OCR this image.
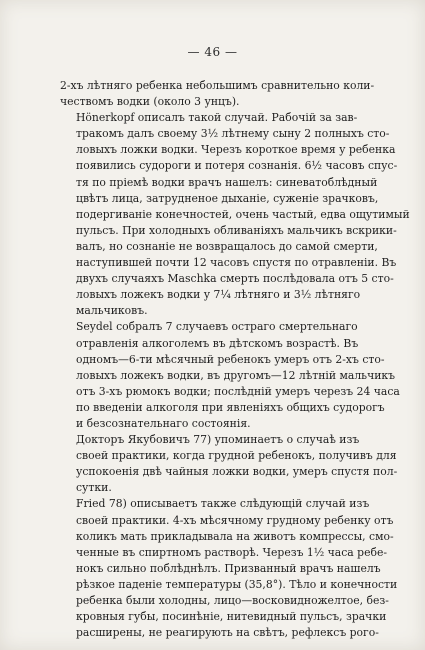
— 46 —

2-хъ лѣтняго ребенка небольшимъ сравнительно коли-
чествомъ водки (около 3 унцъ).

Hönerkopf описалъ такой случай. Рабочій за зав-
тракомъ далъ своему 3½ лѣтнему сыну 2 полныхъ сто-
ловыхъ ложки водки. Черезъ короткое время у ребенка
появились судороги и потеря сознанія. 6½ часовъ спус-
тя по пріемѣ водки врачъ нашелъ: синеватоблѣдный
цвѣтъ лица, затрудненое дыханіе, суженіе зрачковъ,
подергиваніе конечностей, очень частый, едва ощутимый
пульсъ. При холодныхъ обливаніяхъ мальчикъ вскрики-
валъ, но сознаніе не возвращалось до самой смерти,
наступившей почти 12 часовъ спустя по отравленіи. Въ
двухъ случаяхъ Maschka смерть послѣдовала отъ 5 сто-
ловыхъ ложекъ водки у 7¼ лѣтняго и 3½ лѣтняго
мальчиковъ.

Seydel собралъ 7 случаевъ остраго смертельнаго
отравленія алкоголемъ въ дѣтскомъ возрастѣ. Въ
одномъ—6-ти мѣсячный ребенокъ умеръ отъ 2-хъ сто-
ловыхъ ложекъ водки, въ другомъ—12 лѣтній мальчикъ
отъ 3-хъ рюмокъ водки; послѣдній умеръ черезъ 24 часа
по введеніи алкоголя при явленіяхъ общихъ судорогъ
и безсознательнаго состоянія.

Докторъ Якубовичъ 77) упоминаетъ о случаѣ изъ
своей практики, когда грудной ребенокъ, получивъ для
успокоенія двѣ чайныя ложки водки, умеръ спустя пол-
сутки.

Fried 78) описываетъ также слѣдующій случай изъ
своей практики. 4-хъ мѣсячному грудному ребенку отъ
коликъ мать прикладывала на животъ компрессы, смо-
ченные въ спиртномъ растворѣ. Черезъ 1½ часа ребе-
нокъ сильно поблѣднѣлъ. Призванный врачъ нашелъ
рѣзкое паденіе температуры (35,8°). Тѣло и конечности
ребенка были холодны, лицо—восковидножелтое, без-
кровныя губы, посинѣніе, нитевидный пульсъ, зрачки
расширены, не реагирують на свѣтъ, рефлексъ рого-
